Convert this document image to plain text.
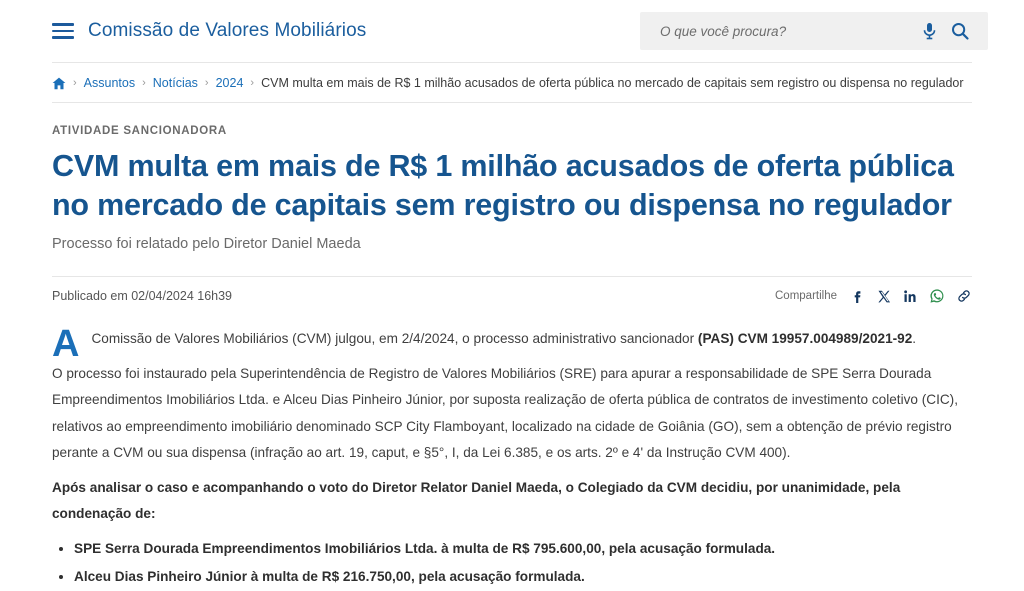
Comissão de Valores Mobiliários
O que você procura?
› Assuntos › Notícias › 2024 › CVM multa em mais de R$ 1 milhão acusados de oferta pública no mercado de capitais sem registro ou dispensa no regulador
ATIVIDADE SANCIONADORA
CVM multa em mais de R$ 1 milhão acusados de oferta pública no mercado de capitais sem registro ou dispensa no regulador
Processo foi relatado pelo Diretor Daniel Maeda
Publicado em 02/04/2024 16h39	Compartilhe

A Comissão de Valores Mobiliários (CVM) julgou, em 2/4/2024, o processo administrativo sancionador (PAS) CVM 19957.004989/2021-92.

O processo foi instaurado pela Superintendência de Registro de Valores Mobiliários (SRE) para apurar a responsabilidade de SPE Serra Dourada Empreendimentos Imobiliários Ltda. e Alceu Dias Pinheiro Júnior, por suposta realização de oferta pública de contratos de investimento coletivo (CIC), relativos ao empreendimento imobiliário denominado SCP City Flamboyant, localizado na cidade de Goiânia (GO), sem a obtenção de prévio registro perante a CVM ou sua dispensa (infração ao art. 19, caput, e §5°, I, da Lei 6.385, e os arts. 2º e 4' da Instrução CVM 400).

Após analisar o caso e acompanhando o voto do Diretor Relator Daniel Maeda, o Colegiado da CVM decidiu, por unanimidade, pela condenação de:

• SPE Serra Dourada Empreendimentos Imobiliários Ltda. à multa de R$ 795.600,00, pela acusação formulada.
• Alceu Dias Pinheiro Júnior à multa de R$ 216.750,00, pela acusação formulada.
